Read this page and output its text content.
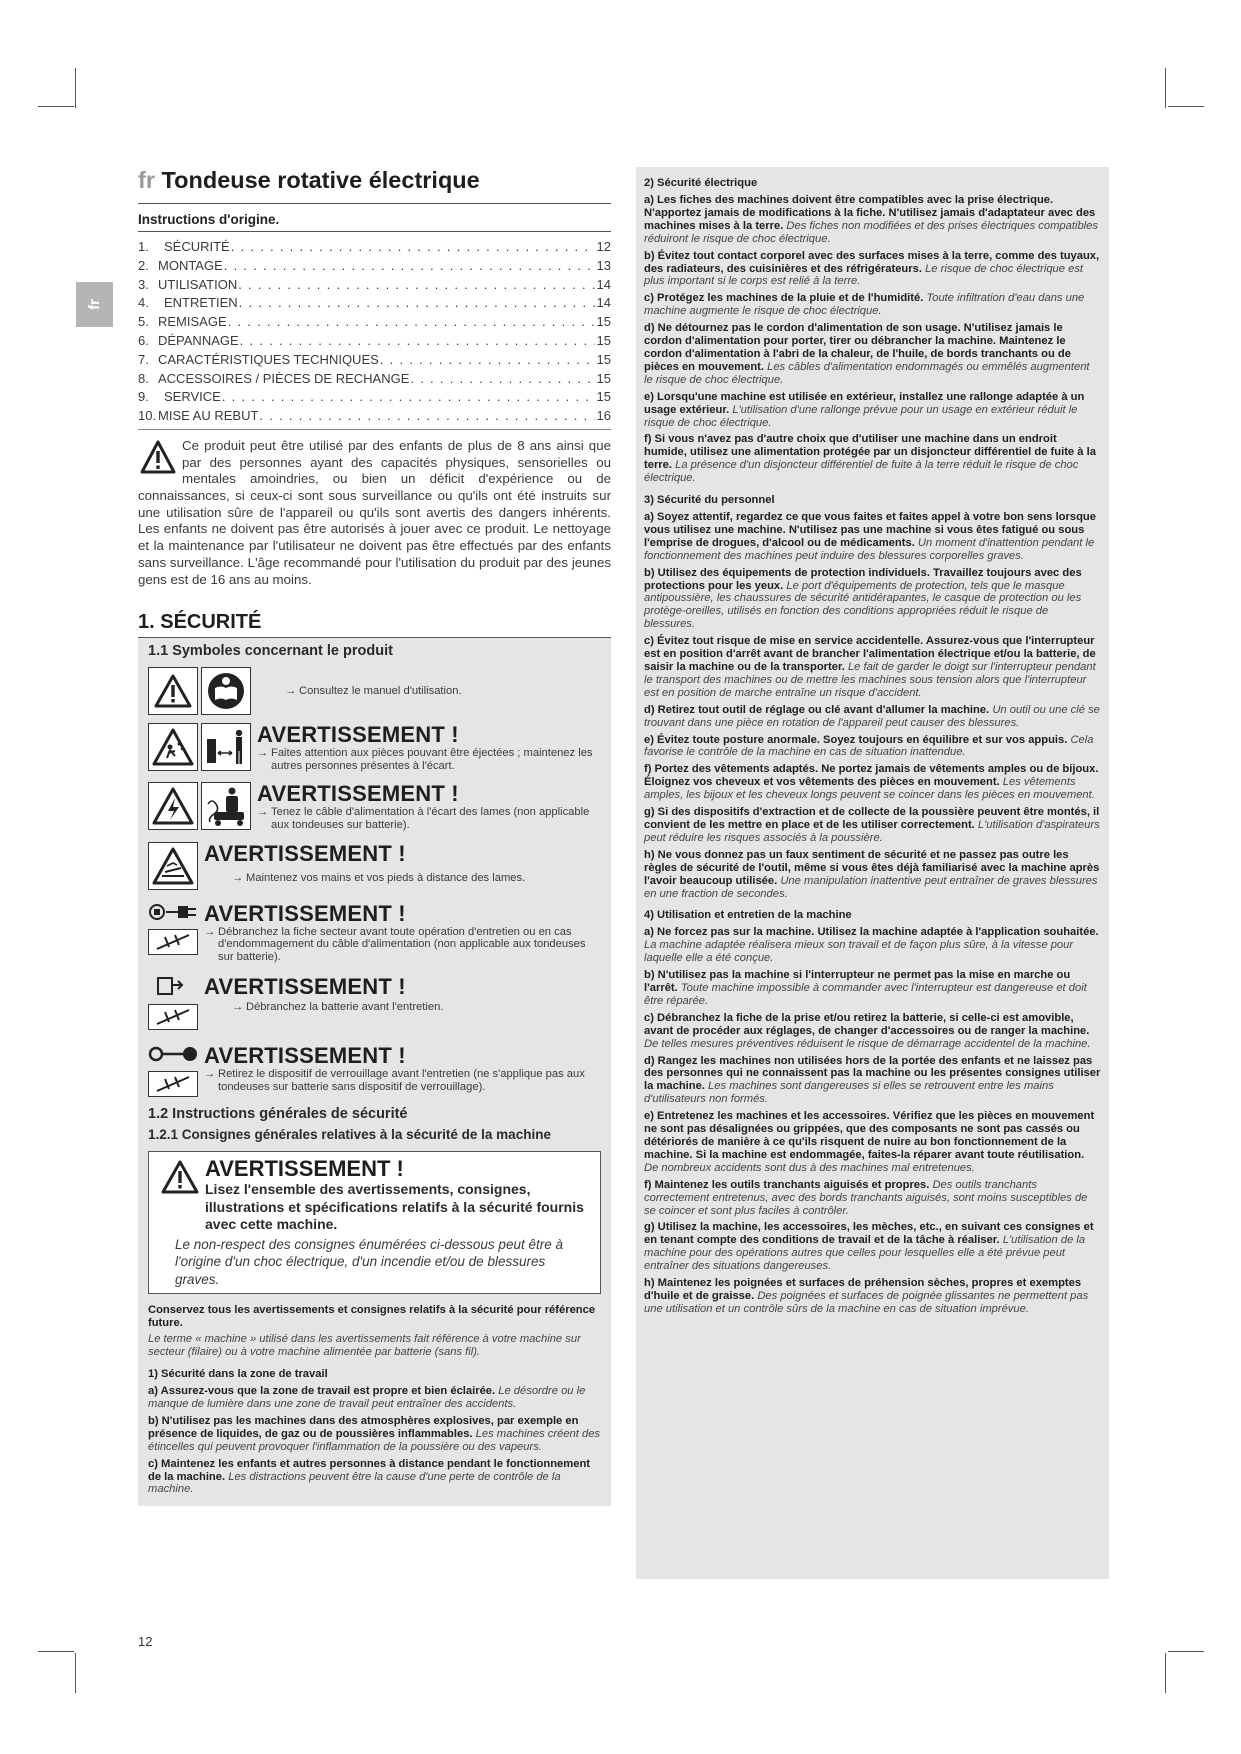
fr
fr Tondeuse rotative électrique
Instructions d'origine.
1.	SÉCURITÉ . . .	12
2. MONTAGE . . .	13
3. UTILISATION . . .	14
4.	ENTRETIEN . . .	14
5. REMISAGE . . .	15
6. DÉPANNAGE . . .	15
7. CARACTÉRISTIQUES TECHNIQUES . . .	15
8. ACCESSOIRES / PIÈCES DE RECHANGE . . .	15
9.	SERVICE . . .	15
10. MISE AU REBUT . . .	16

Ce produit peut être utilisé par des enfants de plus de 8 ans ainsi que par des personnes ayant des capacités physiques, sensorielles ou mentales amoindries, ou bien un déficit d'expérience ou de connaissances, si ceux-ci sont sous surveillance ou qu'ils ont été instruits sur une utilisation sûre de l'appareil ou qu'ils sont avertis des dangers inhérents. Les enfants ne doivent pas être autorisés à jouer avec ce produit. Le nettoyage et la maintenance par l'utilisateur ne doivent pas être effectués par des enfants sans surveillance. L'âge recommandé pour l'utilisation du produit par des jeunes gens est de 16 ans au moins.

1. SÉCURITÉ
1.1 Symboles concernant le produit
→ Consultez le manuel d'utilisation.
AVERTISSEMENT !
→ Faites attention aux pièces pouvant être éjectées ; maintenez les autres personnes présentes à l'écart.
AVERTISSEMENT !
→ Tenez le câble d'alimentation à l'écart des lames (non applicable aux tondeuses sur batterie).
AVERTISSEMENT !
→ Maintenez vos mains et vos pieds à distance des lames.
AVERTISSEMENT !
→ Débranchez la fiche secteur avant toute opération d'entretien ou en cas d'endommagement du câble d'alimentation (non applicable aux tondeuses sur batterie).
AVERTISSEMENT !
→ Débranchez la batterie avant l'entretien.
AVERTISSEMENT !
→ Retirez le dispositif de verrouillage avant l'entretien (ne s'applique pas aux tondeuses sur batterie sans dispositif de verrouillage).
1.2 Instructions générales de sécurité
1.2.1 Consignes générales relatives à la sécurité de la machine
AVERTISSEMENT !
Lisez l'ensemble des avertissements, consignes, illustrations et spécifications relatifs à la sécurité fournis avec cette machine.
Le non-respect des consignes énumérées ci-dessous peut être à l'origine d'un choc électrique, d'un incendie et/ou de blessures graves.
Conservez tous les avertissements et consignes relatifs à la sécurité pour référence future.
Le terme « machine » utilisé dans les avertissements fait référence à votre machine sur secteur (filaire) ou à votre machine alimentée par batterie (sans fil).
1) Sécurité dans la zone de travail
a) Assurez-vous que la zone de travail est propre et bien éclairée. Le désordre ou le manque de lumière dans une zone de travail peut entraîner des accidents.
b) N'utilisez pas les machines dans des atmosphères explosives, par exemple en présence de liquides, de gaz ou de poussières inflammables. Les machines créent des étincelles qui peuvent provoquer l'inflammation de la poussière ou des vapeurs.
c) Maintenez les enfants et autres personnes à distance pendant le fonctionnement de la machine. Les distractions peuvent être la cause d'une perte de contrôle de la machine.
2) Sécurité électrique
a) Les fiches des machines doivent être compatibles avec la prise électrique. N'apportez jamais de modifications à la fiche. N'utilisez jamais d'adaptateur avec des machines mises à la terre. Des fiches non modifiées et des prises électriques compatibles réduiront le risque de choc électrique.
b) Évitez tout contact corporel avec des surfaces mises à la terre, comme des tuyaux, des radiateurs, des cuisinières et des réfrigérateurs. Le risque de choc électrique est plus important si le corps est relié à la terre.
c) Protégez les machines de la pluie et de l'humidité. Toute infiltration d'eau dans une machine augmente le risque de choc électrique.
d) Ne détournez pas le cordon d'alimentation de son usage. N'utilisez jamais le cordon d'alimentation pour porter, tirer ou débrancher la machine. Maintenez le cordon d'alimentation à l'abri de la chaleur, de l'huile, de bords tranchants ou de pièces en mouvement. Les câbles d'alimentation endommagés ou emmêlés augmentent le risque de choc électrique.
e) Lorsqu'une machine est utilisée en extérieur, installez une rallonge adaptée à un usage extérieur. L'utilisation d'une rallonge prévue pour un usage en extérieur réduit le risque de choc électrique.
f) Si vous n'avez pas d'autre choix que d'utiliser une machine dans un endroit humide, utilisez une alimentation protégée par un disjoncteur différentiel de fuite à la terre. La présence d'un disjoncteur différentiel de fuite à la terre réduit le risque de choc électrique.
3) Sécurité du personnel
a) Soyez attentif, regardez ce que vous faites et faites appel à votre bon sens lorsque vous utilisez une machine. N'utilisez pas une machine si vous êtes fatigué ou sous l'emprise de drogues, d'alcool ou de médicaments. Un moment d'inattention pendant le fonctionnement des machines peut induire des blessures corporelles graves.
b) Utilisez des équipements de protection individuels. Travaillez toujours avec des protections pour les yeux. Le port d'équipements de protection, tels que le masque antipoussière, les chaussures de sécurité antidérapantes, le casque de protection ou les protège-oreilles, utilisés en fonction des conditions appropriées réduit le risque de blessures.
c) Évitez tout risque de mise en service accidentelle. Assurez-vous que l'interrupteur est en position d'arrêt avant de brancher l'alimentation électrique et/ou la batterie, de saisir la machine ou de la transporter. Le fait de garder le doigt sur l'interrupteur pendant le transport des machines ou de mettre les machines sous tension alors que l'interrupteur est en position de marche entraîne un risque d'accident.
d) Retirez tout outil de réglage ou clé avant d'allumer la machine. Un outil ou une clé se trouvant dans une pièce en rotation de l'appareil peut causer des blessures.
e) Évitez toute posture anormale. Soyez toujours en équilibre et sur vos appuis. Cela favorise le contrôle de la machine en cas de situation inattendue.
f) Portez des vêtements adaptés. Ne portez jamais de vêtements amples ou de bijoux. Éloignez vos cheveux et vos vêtements des pièces en mouvement. Les vêtements amples, les bijoux et les cheveux longs peuvent se coincer dans les pièces en mouvement.
g) Si des dispositifs d'extraction et de collecte de la poussière peuvent être montés, il convient de les mettre en place et de les utiliser correctement. L'utilisation d'aspirateurs peut réduire les risques associés à la poussière.
h) Ne vous donnez pas un faux sentiment de sécurité et ne passez pas outre les règles de sécurité de l'outil, même si vous êtes déjà familiarisé avec la machine après l'avoir beaucoup utilisée. Une manipulation inattentive peut entraîner de graves blessures en une fraction de secondes.
4) Utilisation et entretien de la machine
a) Ne forcez pas sur la machine. Utilisez la machine adaptée à l'application souhaitée. La machine adaptée réalisera mieux son travail et de façon plus sûre, à la vitesse pour laquelle elle a été conçue.
b) N'utilisez pas la machine si l'interrupteur ne permet pas la mise en marche ou l'arrêt. Toute machine impossible à commander avec l'interrupteur est dangereuse et doit être réparée.
c) Débranchez la fiche de la prise et/ou retirez la batterie, si celle-ci est amovible, avant de procéder aux réglages, de changer d'accessoires ou de ranger la machine. De telles mesures préventives réduisent le risque de démarrage accidentel de la machine.
d) Rangez les machines non utilisées hors de la portée des enfants et ne laissez pas des personnes qui ne connaissent pas la machine ou les présentes consignes utiliser la machine. Les machines sont dangereuses si elles se retrouvent entre les mains d'utilisateurs non formés.
e) Entretenez les machines et les accessoires. Vérifiez que les pièces en mouvement ne sont pas désalignées ou grippées, que des composants ne sont pas cassés ou détériorés de manière à ce qu'ils risquent de nuire au bon fonctionnement de la machine. Si la machine est endommagée, faites-la réparer avant toute réutilisation. De nombreux accidents sont dus à des machines mal entretenues.
f) Maintenez les outils tranchants aiguisés et propres. Des outils tranchants correctement entretenus, avec des bords tranchants aiguisés, sont moins susceptibles de se coincer et sont plus faciles à contrôler.
g) Utilisez la machine, les accessoires, les mèches, etc., en suivant ces consignes et en tenant compte des conditions de travail et de la tâche à réaliser. L'utilisation de la machine pour des opérations autres que celles pour lesquelles elle a été prévue peut entraîner des situations dangereuses.
h) Maintenez les poignées et surfaces de préhension sèches, propres et exemptes d'huile et de graisse. Des poignées et surfaces de poignée glissantes ne permettent pas une utilisation et un contrôle sûrs de la machine en cas de situation imprévue.
12
